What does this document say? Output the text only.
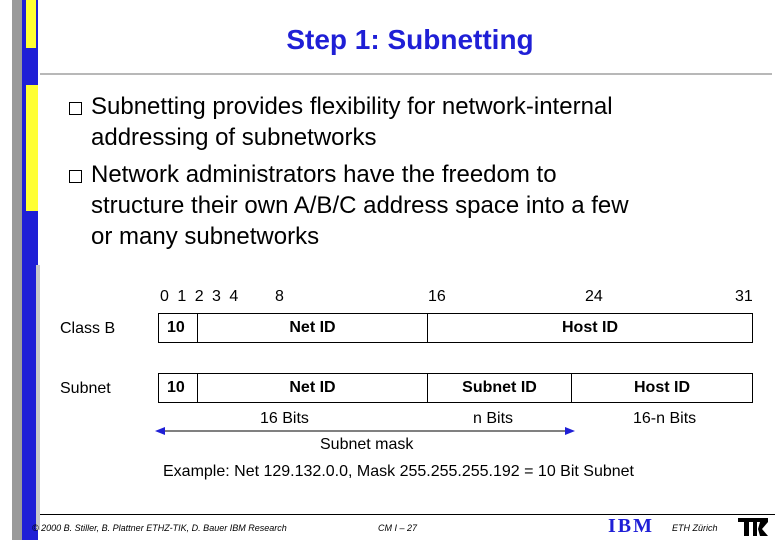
Step 1: Subnetting
Subnetting provides flexibility for network-internal
addressing of subnetworks
Network administrators have the freedom to
structure their own A/B/C address space into a few
or many subnetworks
0 1 2 3 4 8	16	24	31
Class B	10	Net ID	Host ID
Subnet	10	Net ID	Subnet ID	Host ID
16 Bits	n Bits	16-n Bits
Subnet mask
Example: Net 129.132.0.0, Mask 255.255.255.192 = 10 Bit Subnet
© 2000 B. Stiller, B. Plattner ETHZ-TIK, D. Bauer IBM Research	CM I – 27	IBM ETH Zürich
